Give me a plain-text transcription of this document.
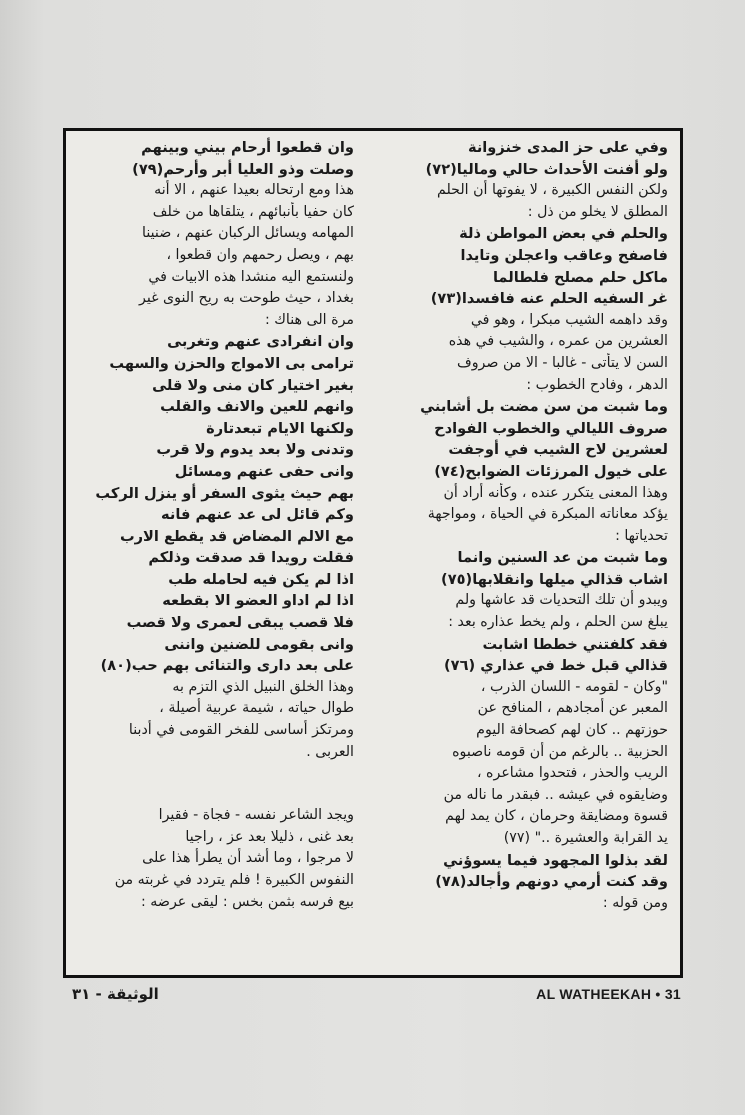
وفي على حز المدى خنزوانة
ولو أفنت الأحداث حالي وماليا(٧٢)
ولكن النفس الكبيرة ، لا يفوتها أن الحلم
المطلق لا يخلو من ذل :
والحلم في بعض المواطن ذلة
فاصفح وعاقب واعجلن وتايدا
ماكل حلم مصلح فلطالما
غر السفيه الحلم عنه فافسدا(٧٣)
وقد داهمه الشيب مبكرا ، وهو في
العشرين من عمره ، والشيب في هذه
السن لا يتأتى - غالبا - الا من صروف
الدهر ، وفادح الخطوب :
وما شبت من سن مضت بل أشابني
صروف الليالي والخطوب الفوادح
لعشرين لاح الشيب في أوجفت
على خيول المرزئات الضوابح(٧٤)
وهذا المعنى يتكرر عنده ، وكأنه أراد أن
يؤكد معاناته المبكرة في الحياة ، ومواجهة
تحدياتها :
وما شبت من عد السنين وانما
اشاب قذالي ميلها وانقلابها(٧٥)
ويبدو أن تلك التحديات قد عاشها ولم
يبلغ سن الحلم ، ولم يخط عذاره بعد :
فقد كلفتني خططا اشابت
قذالي قبل خط في عذاري (٧٦)
"وكان - لقومه - اللسان الذرب ،
المعبر عن أمجادهم ، المنافح عن
حوزتهم .. كان لهم كصحافة اليوم
الحزبية .. بالرغم من أن قومه ناصبوه
الريب والحذر ، فتحدوا مشاعره ،
وضايقوه في عيشه .. فبقدر ما ناله من
قسوة ومضايقة وحرمان ، كان يمد لهم
يد القرابة والعشيرة .." (٧٧)
لقد بذلوا المجهود فيما يسوؤني
وقد كنت أرمي دونهم وأجالد(٧٨)
ومن قوله :
وان قطعوا أرحام بيني وبينهم
وصلت وذو العليا أبر وأرحم(٧٩)
هذا ومع ارتحاله بعيدا عنهم ، الا أنه
كان حفيا بأنبائهم ، يتلقاها من خلف
المهامه ويسائل الركبان عنهم ، ضنينا
بهم ، ويصل رحمهم وان قطعوا ،
ولنستمع اليه منشدا هذه الابيات في
بغداد ، حيث طوحت به ريح النوى غير
مرة الى هناك :
وان انفرادى عنهم وتغربى
ترامى بى الامواج والحزن والسهب
بغير اختيار كان منى ولا قلى
وانهم للعين والانف والقلب
ولكنها الايام تبعدتارة
وتدنى ولا بعد يدوم ولا قرب
وانى حفى عنهم ومسائل
بهم حيث يثوى السفر أو ينزل الركب
وكم قائل لى عد عنهم فانه
مع الالم المضاض قد يقطع الارب
فقلت رويدا قد صدقت وذلكم
اذا لم يكن فيه لحامله طب
اذا لم اداو العضو الا بقطعه
فلا قصب يبقى لعمرى ولا قصب
وانى بقومى للضنين واننى
على بعد دارى والتنائى بهم حب(٨٠)
وهذا الخلق النبيل الذي التزم به
طوال حياته ، شيمة عربية أصيلة ،
ومرتكز أساسى للفخر القومى في أدبنا
العربى .
ويجد الشاعر نفسه - فجاة - فقيرا
بعد غنى ، ذليلا بعد عز ، راجيا
لا مرجوا ، وما أشد أن يطرأ هذا على
النفوس الكبيرة ! فلم يتردد في غربته من
بيع فرسه بثمن بخس : ليقى عرضه :
الوثيقة - ٣١	AL WATHEEKAH • 31
